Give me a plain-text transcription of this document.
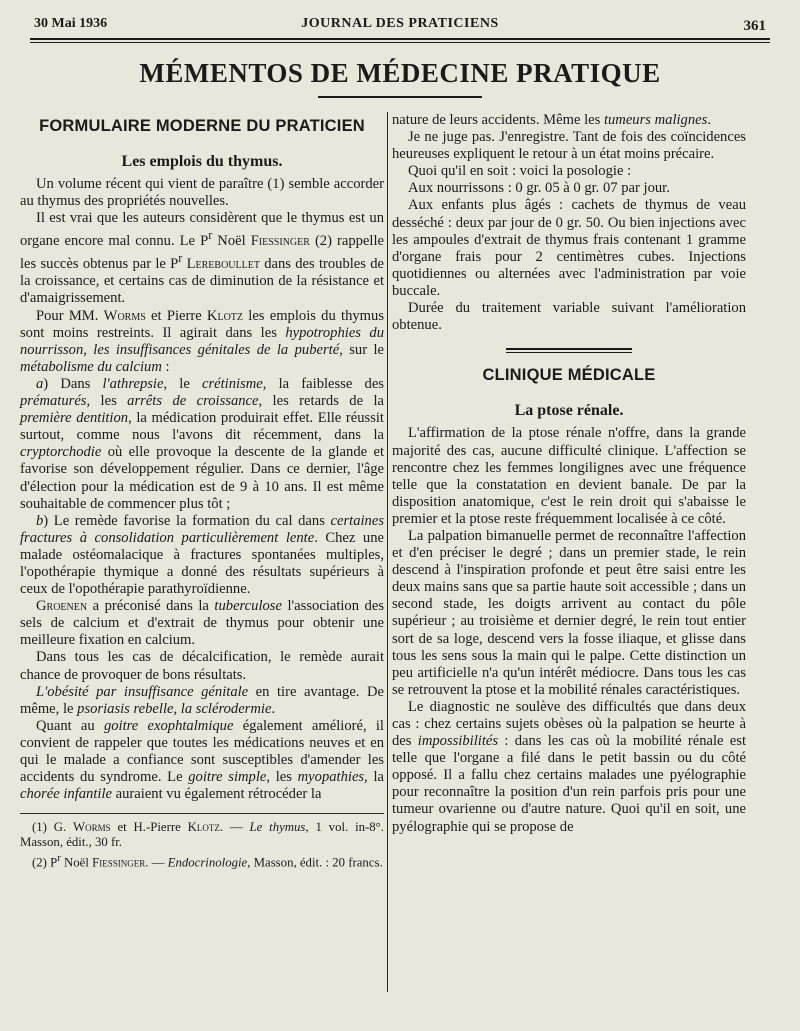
30 Mai 1936	JOURNAL DES PRATICIENS	361
MÉMENTOS DE MÉDECINE PRATIQUE
FORMULAIRE MODERNE DU PRATICIEN
Les emplois du thymus.

Un volume récent qui vient de paraître (1) semble accorder au thymus des propriétés nouvelles.

Il est vrai que les auteurs considèrent que le thymus est un organe encore mal connu. Le $P^r$ Noël Fiessinger (2) rappelle les succès obtenus par le $P^r$ Lereboullet dans des troubles de la croissance, et certains cas de diminution de la résistance et d'amaigrissement.

Pour MM. Worms et Pierre Klotz les emplois du thymus sont moins restreints. Il agirait dans les hypotrophies du nourrisson, les insuffisances génitales de la puberté, sur le métabolisme du calcium :

a) Dans l'athrepsie, le crétinisme, la faiblesse des prématurés, les arrêts de croissance, les retards de la première dentition, la médication produirait effet. Elle réussit surtout, comme nous l'avons dit récemment, dans la cryptorchodie où elle provoque la descente de la glande et favorise son développement régulier. Dans ce dernier, l'âge d'élection pour la médication est de 9 à 10 ans. Il est même souhaitable de commencer plus tôt ;

b) Le remède favorise la formation du cal dans certaines fractures à consolidation particulièrement lente. Chez une malade ostéomalacique à fractures spontanées multiples, l'opothérapie thymique a donné des résultats supérieurs à ceux de l'opothérapie parathyroïdienne.

Groenen a préconisé dans la tuberculose l'association des sels de calcium et d'extrait de thymus pour obtenir une meilleure fixation en calcium.

Dans tous les cas de décalcification, le remède aurait chance de provoquer de bons résultats.

L'obésité par insuffisance génitale en tire avantage. De même, le psoriasis rebelle, la sclérodermie.

Quant au goitre exophtalmique également amélioré, il convient de rappeler que toutes les médications neuves et en qui le malade a confiance sont susceptibles d'amender les accidents du syndrome. Le goitre simple, les myopathies, la chorée infantile auraient vu également rétrocéder la

(1) G. Worms et H.-Pierre Klotz. — Le thymus, 1 vol. in-8°. Masson, édit., 30 fr.

(2) $P^r$ Noël Fiessinger. — Endocrinologie, Masson, édit. : 20 francs.

nature de leurs accidents. Même les tumeurs malignes.

Je ne juge pas. J'enregistre. Tant de fois des coïncidences heureuses expliquent le retour à un état moins précaire.

Quoi qu'il en soit : voici la posologie :

Aux nourrissons : 0 gr. 05 à 0 gr. 07 par jour.

Aux enfants plus âgés : cachets de thymus de veau desséché : deux par jour de 0 gr. 50. Ou bien injections avec les ampoules d'extrait de thymus frais contenant 1 gramme d'organe frais pour 2 centimètres cubes. Injections quotidiennes ou alternées avec l'administration par voie buccale.

Durée du traitement variable suivant l'amélioration obtenue.

CLINIQUE MÉDICALE
La ptose rénale.

L'affirmation de la ptose rénale n'offre, dans la grande majorité des cas, aucune difficulté clinique. L'affection se rencontre chez les femmes longilignes avec une fréquence telle que la constatation en devient banale. De par la disposition anatomique, c'est le rein droit qui s'abaisse le premier et la ptose reste fréquemment localisée à ce côté.

La palpation bimanuelle permet de reconnaître l'affection et d'en préciser le degré ; dans un premier stade, le rein descend à l'inspiration profonde et peut être saisi entre les deux mains sans que sa partie haute soit accessible ; dans un second stade, les doigts arrivent au contact du pôle supérieur ; au troisième et dernier degré, le rein tout entier sort de sa loge, descend vers la fosse iliaque, et glisse dans tous les sens sous la main qui le palpe. Cette distinction un peu artificielle n'a qu'un intérêt médiocre. Dans tous les cas se retrouvent la ptose et la mobilité rénales caractéristiques.

Le diagnostic ne soulève des difficultés que dans deux cas : chez certains sujets obèses où la palpation se heurte à des impossibilités : dans les cas où la mobilité rénale est telle que l'organe a filé dans le petit bassin ou du côté opposé. Il a fallu chez certains malades une pyélographie pour reconnaître la position d'un rein parfois pris pour une tumeur ovarienne ou d'autre nature. Quoi qu'il en soit, une pyélographie qui se propose de
